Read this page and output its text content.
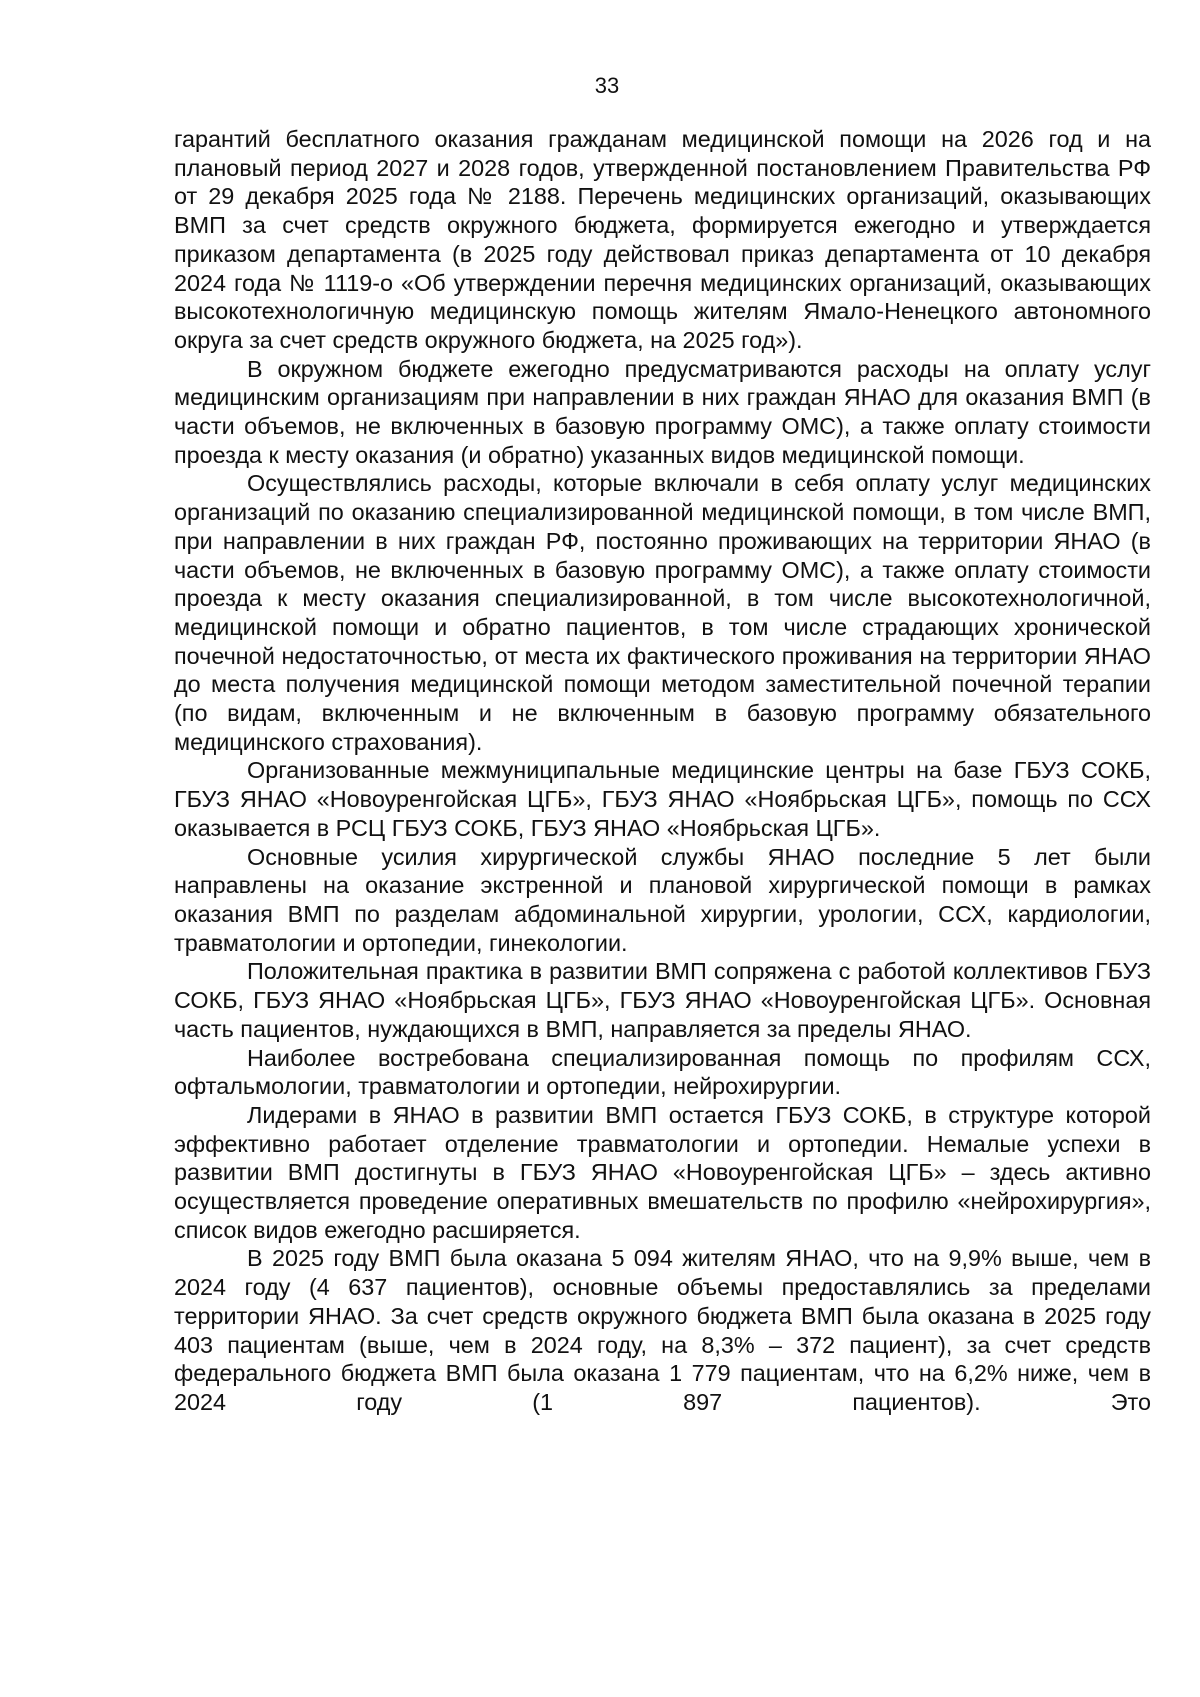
33

гарантий бесплатного оказания гражданам медицинской помощи на 2026 год и на плановый период 2027 и 2028 годов, утвержденной постановлением Правительства РФ от 29 декабря 2025 года № 2188. Перечень медицинских организаций, оказывающих ВМП за счет средств окружного бюджета, формируется ежегодно и утверждается приказом департамента (в 2025 году действовал приказ департамента от 10 декабря 2024 года № 1119-о «Об утверждении перечня медицинских организаций, оказывающих высокотехнологичную медицинскую помощь жителям Ямало-Ненецкого автономного округа за счет средств окружного бюджета, на 2025 год»).

В окружном бюджете ежегодно предусматриваются расходы на оплату услуг медицинским организациям при направлении в них граждан ЯНАО для оказания ВМП (в части объемов, не включенных в базовую программу ОМС), а также оплату стоимости проезда к месту оказания (и обратно) указанных видов медицинской помощи.

Осуществлялись расходы, которые включали в себя оплату услуг медицинских организаций по оказанию специализированной медицинской помощи, в том числе ВМП, при направлении в них граждан РФ, постоянно проживающих на территории ЯНАО (в части объемов, не включенных в базовую программу ОМС), а также оплату стоимости проезда к месту оказания специализированной, в том числе высокотехнологичной, медицинской помощи и обратно пациентов, в том числе страдающих хронической почечной недостаточностью, от места их фактического проживания на территории ЯНАО до места получения медицинской помощи методом заместительной почечной терапии (по видам, включенным и не включенным в базовую программу обязательного медицинского страхования).

Организованные межмуниципальные медицинские центры на базе ГБУЗ СОКБ, ГБУЗ ЯНАО «Новоуренгойская ЦГБ», ГБУЗ ЯНАО «Ноябрьская ЦГБ», помощь по ССХ оказывается в РСЦ ГБУЗ СОКБ, ГБУЗ ЯНАО «Ноябрьская ЦГБ».

Основные усилия хирургической службы ЯНАО последние 5 лет были направлены на оказание экстренной и плановой хирургической помощи в рамках оказания ВМП по разделам абдоминальной хирургии, урологии, ССХ, кардиологии, травматологии и ортопедии, гинекологии.

Положительная практика в развитии ВМП сопряжена с работой коллективов ГБУЗ СОКБ, ГБУЗ ЯНАО «Ноябрьская ЦГБ», ГБУЗ ЯНАО «Новоуренгойская ЦГБ». Основная часть пациентов, нуждающихся в ВМП, направляется за пределы ЯНАО.

Наиболее востребована специализированная помощь по профилям ССХ, офтальмологии, травматологии и ортопедии, нейрохирургии.

Лидерами в ЯНАО в развитии ВМП остается ГБУЗ СОКБ, в структуре которой эффективно работает отделение травматологии и ортопедии. Немалые успехи в развитии ВМП достигнуты в ГБУЗ ЯНАО «Новоуренгойская ЦГБ» – здесь активно осуществляется проведение оперативных вмешательств по профилю «нейрохирургия», список видов ежегодно расширяется.

В 2025 году ВМП была оказана 5 094 жителям ЯНАО, что на 9,9% выше, чем в 2024 году (4 637 пациентов), основные объемы предоставлялись за пределами территории ЯНАО. За счет средств окружного бюджета ВМП была оказана в 2025 году 403 пациентам (выше, чем в 2024 году, на 8,3% – 372 пациент), за счет средств федерального бюджета ВМП была оказана 1 779 пациентам, что на 6,2% ниже, чем в 2024 году (1 897 пациентов). Это
